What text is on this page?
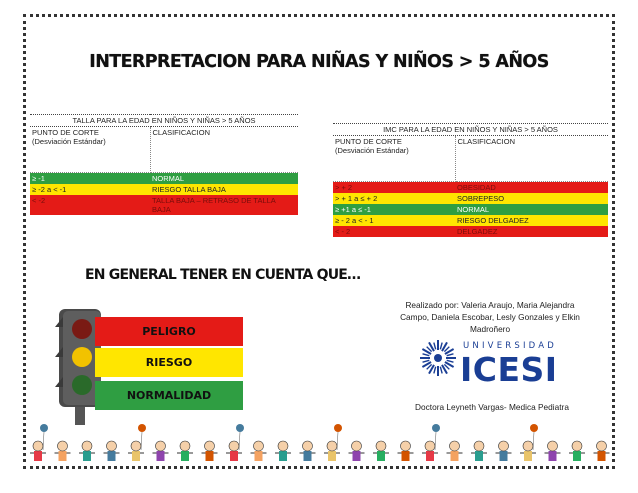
INTERPRETACION PARA NIÑAS Y NIÑOS > 5 AÑOS
TALLA PARA LA EDAD EN NIÑOS Y NIÑAS > 5 AÑOS	
PUNTO DE CORTE
(Desviación Estándar)	CLASIFICACION
≥ -1	NORMAL
≥ -2 a < -1	RIESGO TALLA BAJA
< -2	TALLA BAJA – RETRASO DE TALLA BAJA
IMC PARA LA EDAD EN NIÑOS Y NIÑAS > 5 AÑOS	
PUNTO DE CORTE
(Desviación Estándar)	CLASIFICACION
> + 2	OBESIDAD
> + 1 a ≤ + 2	SOBREPESO
≥ +1 a ≤ -1	NORMAL
≥ - 2 a < - 1	RIESGO DELGADEZ
< - 2	DELGADEZ
EN GENERAL TENER EN CUENTA QUE…
PELIGRO
RIESGO
NORMALIDAD
Realizado por: Valeria Araujo, Maria Alejandra Campo, Daniela Escobar, Lesly Gonzales y Elkin Madroñero
UNIVERSIDAD
ICESI
Doctora Leyneth Vargas- Medica Pediatra
